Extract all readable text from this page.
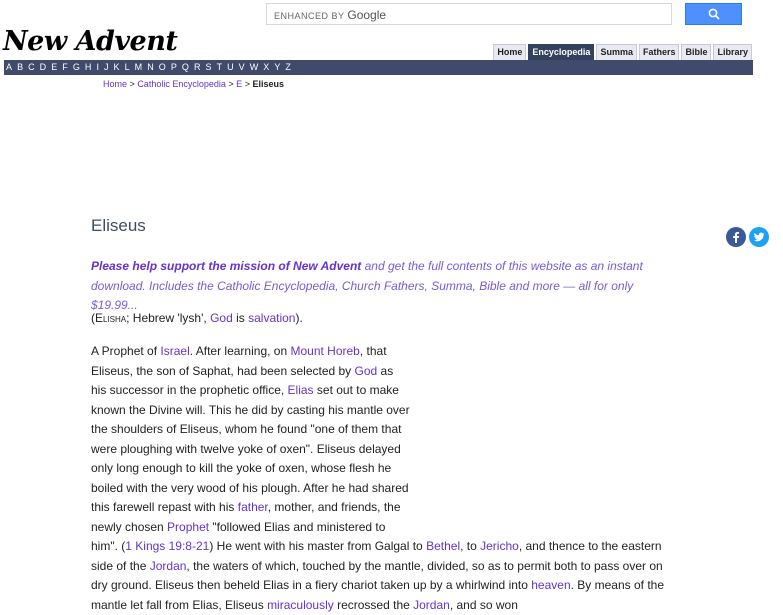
ENHANCED BY Google
New Advent	Home	Encyclopedia	Summa	Fathers	Bible	Library
A B C D E F G H I J K L M N O P Q R S T U V W X Y Z
Home > Catholic Encyclopedia > E > Eliseus
Eliseus

Please help support the mission of New Advent and get the full contents of this website as an instant download. Includes the Catholic Encyclopedia, Church Fathers, Summa, Bible and more — all for only $19.99...

(Elisha; Hebrew 'lysh', God is salvation).

A Prophet of Israel. After learning, on Mount Horeb, that Eliseus, the son of Saphat, had been selected by God as his successor in the prophetic office, Elias set out to make known the Divine will. This he did by casting his mantle over the shoulders of Eliseus, whom he found "one of them that were ploughing with twelve yoke of oxen". Eliseus delayed only long enough to kill the yoke of oxen, whose flesh he boiled with the very wood of his plough. After he had shared this farewell repast with his father, mother, and friends, the newly chosen Prophet "followed Elias and ministered to him". (1 Kings 19:8-21) He went with his master from Galgal to Bethel, to Jericho, and thence to the eastern side of the Jordan, the waters of which, touched by the mantle, divided, so as to permit both to pass over on dry ground. Eliseus then beheld Elias in a fiery chariot taken up by a whirlwind into heaven. By means of the mantle let fall from Elias, Eliseus miraculously recrossed the Jordan, and so won
